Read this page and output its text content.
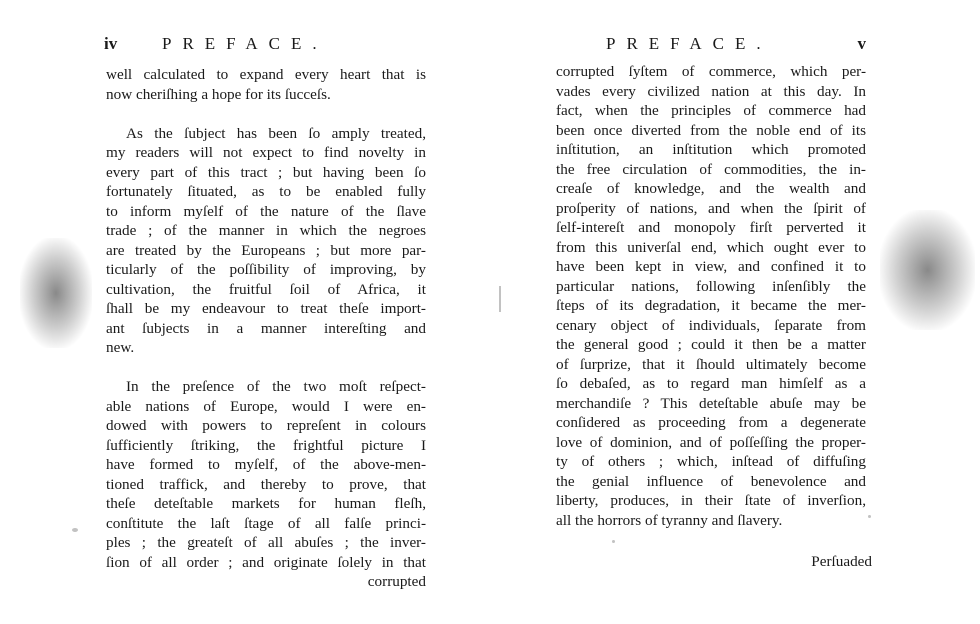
iv	PREFACE.
well calculated to expand every heart that is
now cheriſhing a hope for its ſucceſs.
As the ſubject has been ſo amply treated,
my readers will not expect to find novelty in
every part of this tract ; but having been ſo
fortunately ſituated, as to be enabled fully
to inform myſelf of the nature of the ſlave
trade ; of the manner in which the negroes
are treated by the Europeans ; but more par-
ticularly of the poſſibility of improving, by
cultivation, the fruitful ſoil of Africa, it
ſhall be my endeavour to treat theſe import-
ant ſubjects in a manner intereſting and
new.
In the preſence of the two moſt reſpect-
able nations of Europe, would I were en-
dowed with powers to repreſent in colours
ſufficiently ſtriking, the frightful picture I
have formed to myſelf, of the above-men-
tioned traffick, and thereby to prove, that
theſe deteſtable markets for human fleſh,
conſtitute the laſt ſtage of all falſe princi-
ples ; the greateſt of all abuſes ; the inver-
ſion of all order ; and originate ſolely in that
corrupted
PREFACE.	v
corrupted ſyſtem of commerce, which per-
vades every civilized nation at this day. In
fact, when the principles of commerce had
been once diverted from the noble end of its
inſtitution, an inſtitution which promoted
the free circulation of commodities, the in-
creaſe of knowledge, and the wealth and
proſperity of nations, and when the ſpirit of
ſelf-intereſt and monopoly firſt perverted it
from this univerſal end, which ought ever to
have been kept in view, and confined it to
particular nations, following inſenſibly the
ſteps of its degradation, it became the mer-
cenary object of individuals, ſeparate from
the general good ; could it then be a matter
of ſurprize, that it ſhould ultimately become
ſo debaſed, as to regard man himſelf as a
merchandiſe ? This deteſtable abuſe may be
conſidered as proceeding from a degenerate
love of dominion, and of poſſeſſing the proper-
ty of others ; which, inſtead of diffuſing
the genial influence of benevolence and
liberty, produces, in their ſtate of inverſion,
all the horrors of tyranny and ſlavery.
Perſuaded
